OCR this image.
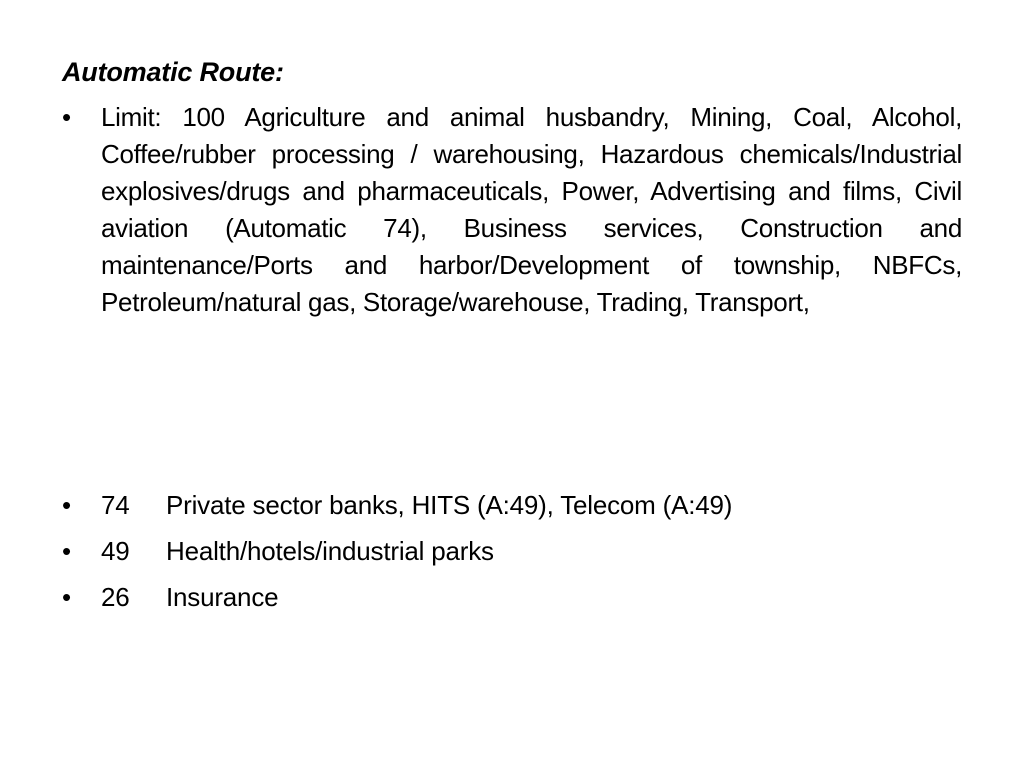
Automatic Route:
• Limit: 100 Agriculture and animal husbandry, Mining, Coal, Alcohol, Coffee/rubber processing / warehousing, Hazardous chemicals/Industrial explosives/drugs and pharmaceuticals, Power, Advertising and films, Civil aviation (Automatic 74), Business services, Construction and maintenance/Ports and harbor/Development of township, NBFCs, Petroleum/natural gas, Storage/warehouse, Trading, Transport,
• 74 Private sector banks, HITS (A:49), Telecom (A:49)
• 49 Health/hotels/industrial parks
• 26 Insurance
